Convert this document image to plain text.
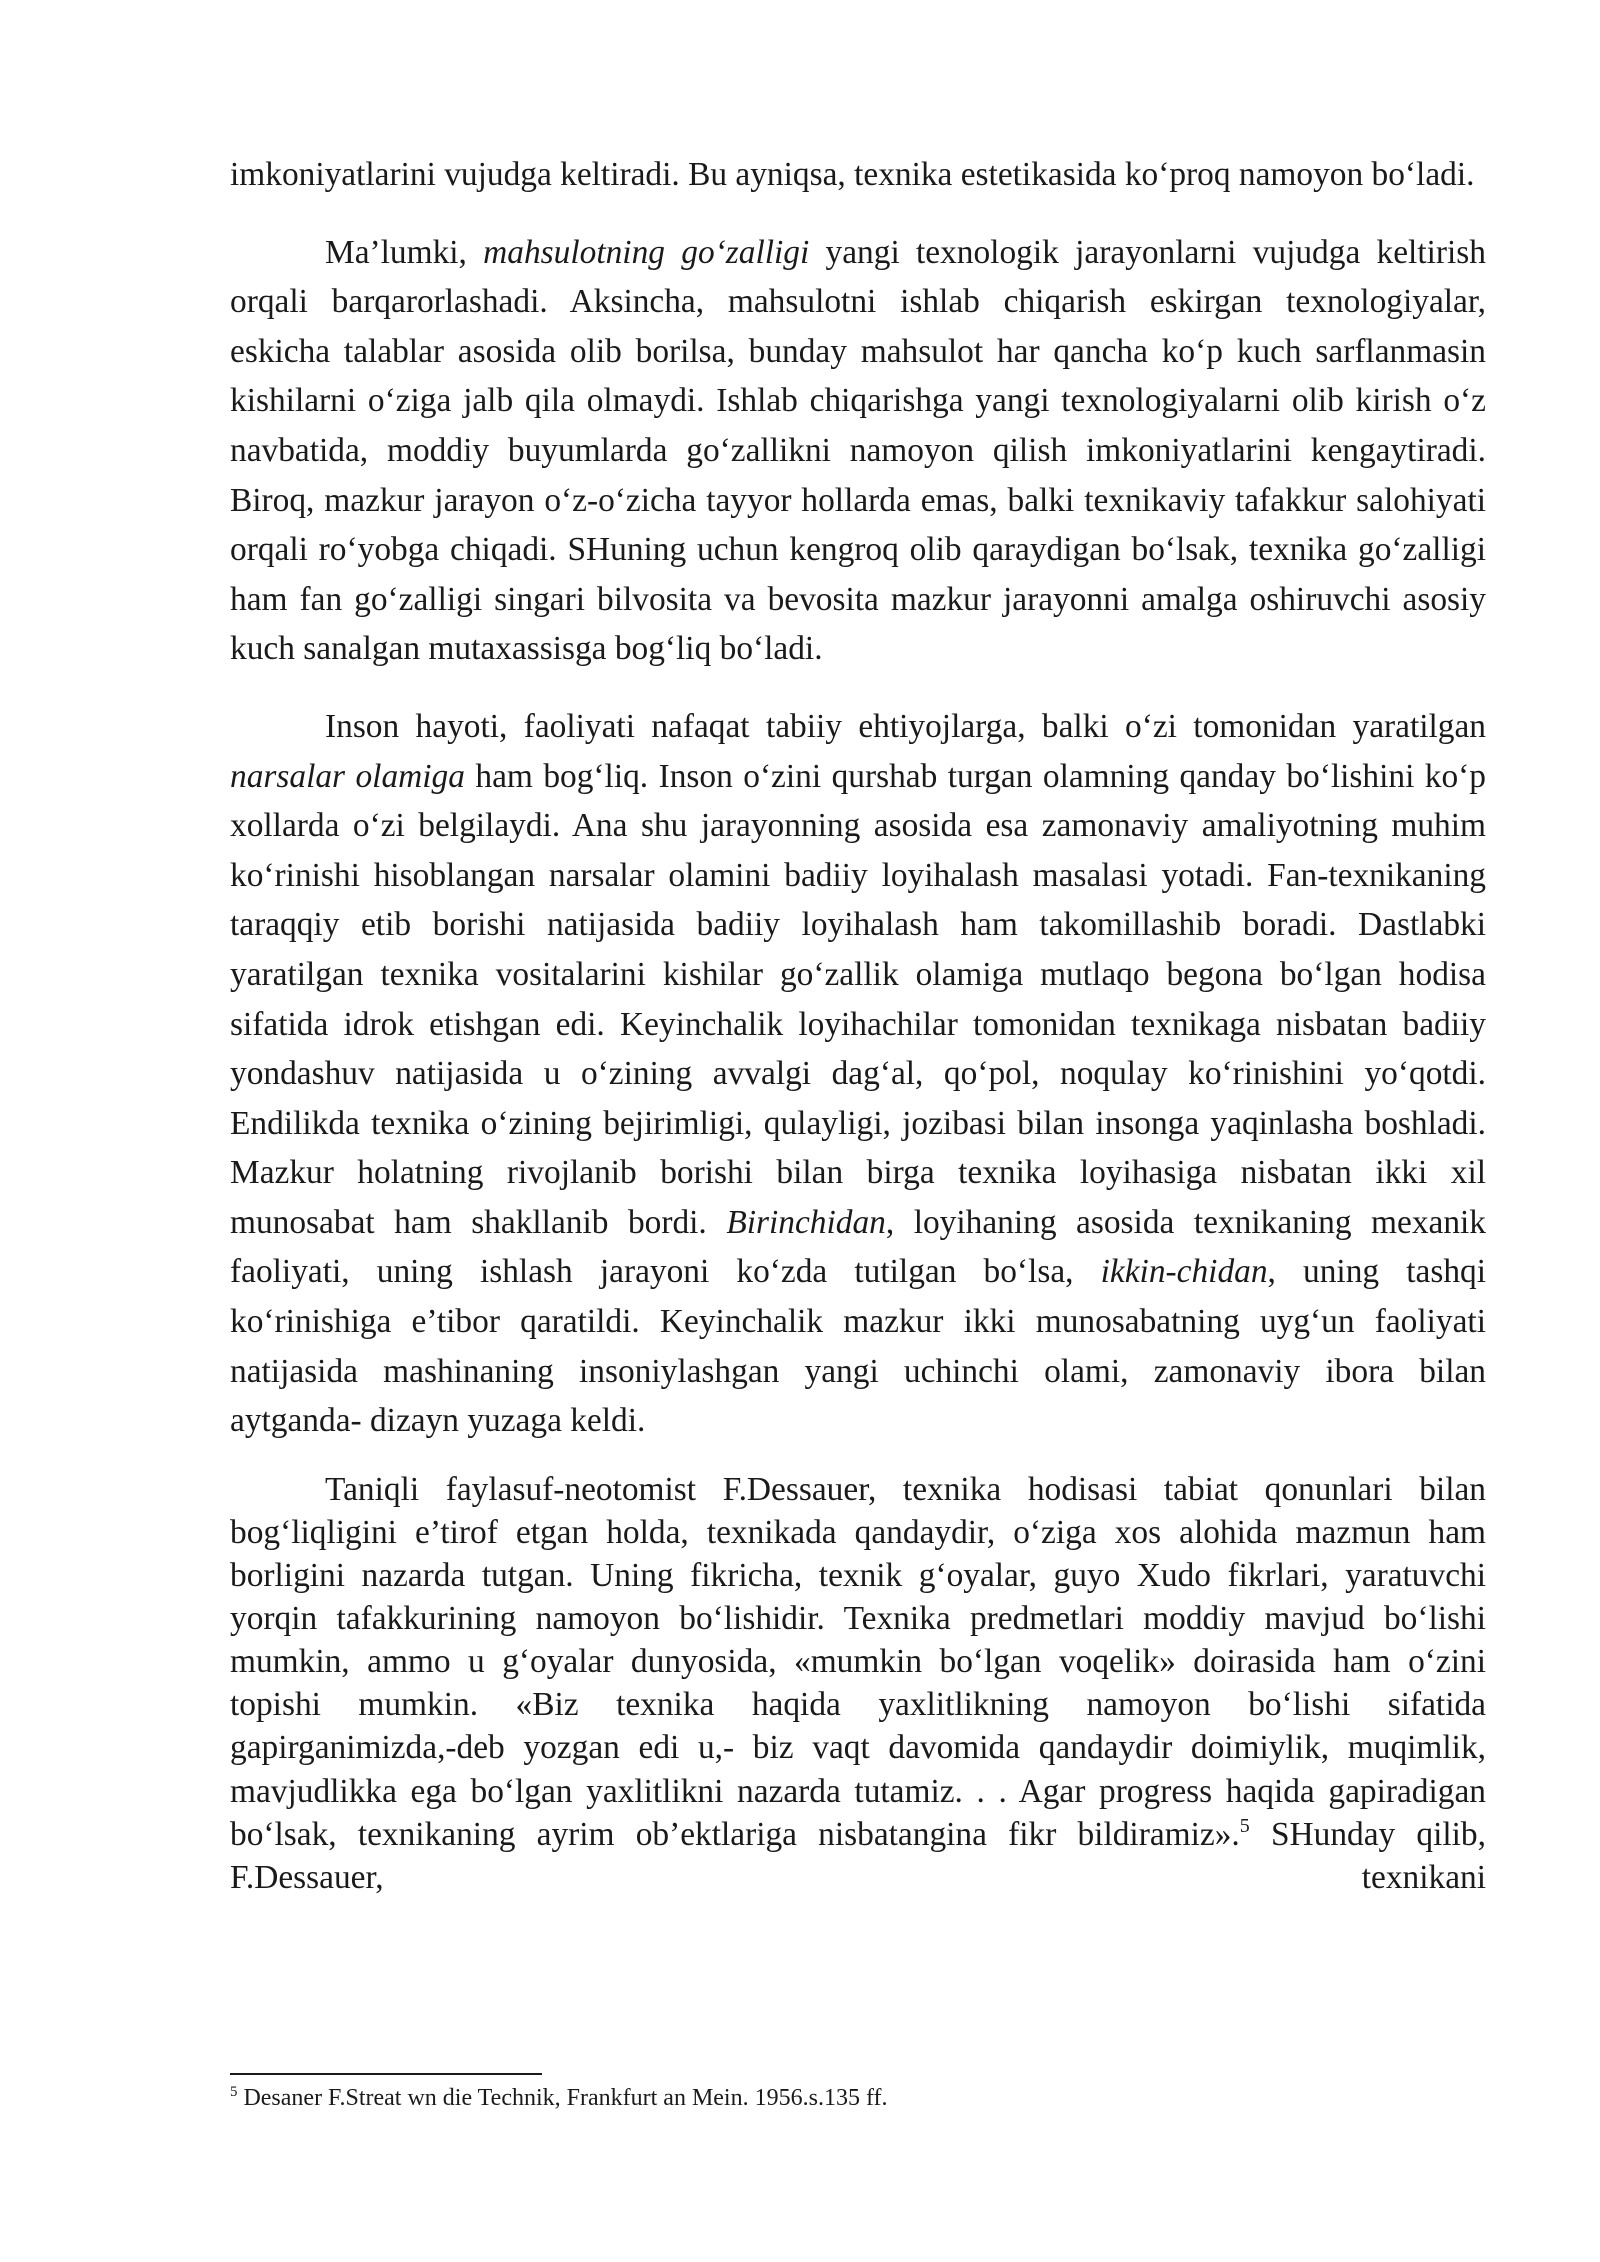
imkoniyatlarini vujudga keltiradi. Bu ayniqsa, texnika estetikasida ko‘proq namoyon bo‘ladi.

Ma’lumki, mahsulotning go‘zalligi yangi texnologik jarayonlarni vujudga keltirish orqali barqarorlashadi. Aksincha, mahsulotni ishlab chiqarish eskirgan texnologiyalar, eskicha talablar asosida olib borilsa, bunday mahsulot har qancha ko‘p kuch sarflanmasin kishilarni o‘ziga jalb qila olmaydi. Ishlab chiqarishga yangi texnologiyalarni olib kirish o‘z navbatida, moddiy buyumlarda go‘zallikni namoyon qilish imkoniyatlarini kengaytiradi. Biroq, mazkur jarayon o‘z-o‘zicha tayyor hollarda emas, balki texnikaviy tafakkur salohiyati orqali ro‘yobga chiqadi. SHuning uchun kengroq olib qaraydigan bo‘lsak, texnika go‘zalligi ham fan go‘zalligi singari bilvosita va bevosita mazkur jarayonni amalga oshiruvchi asosiy kuch sanalgan mutaxassisga bog‘liq bo‘ladi.

Inson hayoti, faoliyati nafaqat tabiiy ehtiyojlarga, balki o‘zi tomonidan yaratilgan narsalar olamiga ham bog‘liq. Inson o‘zini qurshab turgan olamning qanday bo‘lishini ko‘p xollarda o‘zi belgilaydi. Ana shu jarayonning asosida esa zamonaviy amaliyotning muhim ko‘rinishi hisoblangan narsalar olamini badiiy loyihalash masalasi yotadi. Fan-texnikaning taraqqiy etib borishi natijasida badiiy loyihalash ham takomillashib boradi. Dastlabki yaratilgan texnika vositalarini kishilar go‘zallik olamiga mutlaqo begona bo‘lgan hodisa sifatida idrok etishgan edi. Keyinchalik loyihachilar tomonidan texnikaga nisbatan badiiy yondashuv natijasida u o‘zining avvalgi dag‘al, qo‘pol, noqulay ko‘rinishini yo‘qotdi. Endilikda texnika o‘zining bejirimligi, qulayligi, jozibasi bilan insonga yaqinlasha boshladi. Mazkur holatning rivojlanib borishi bilan birga texnika loyihasiga nisbatan ikki xil munosabat ham shakllanib bordi. Birinchidan, loyihaning asosida texnikaning mexanik faoliyati, uning ishlash jarayoni ko‘zda tutilgan bo‘lsa, ikkin-chidan, uning tashqi ko‘rinishiga e’tibor qaratildi. Keyinchalik mazkur ikki munosabatning uyg‘un faoliyati natijasida mashinaning insoniylashgan yangi uchinchi olami, zamonaviy ibora bilan aytganda- dizayn yuzaga keldi.

Taniqli faylasuf-neotomist F.Dessauer, texnika hodisasi tabiat qonunlari bilan bog‘liqligini e’tirof etgan holda, texnikada qandaydir, o‘ziga xos alohida mazmun ham borligini nazarda tutgan. Uning fikricha, texnik g‘oyalar, guyo Xudo fikrlari, yaratuvchi yorqin tafakkurining namoyon bo‘lishidir. Texnika predmetlari moddiy mavjud bo‘lishi mumkin, ammo u g‘oyalar dunyosida, «mumkin bo‘lgan voqelik» doirasida ham o‘zini topishi mumkin. «Biz texnika haqida yaxlitlikning namoyon bo‘lishi sifatida gapirganimizda,-deb yozgan edi u,- biz vaqt davomida qandaydir doimiylik, muqimlik, mavjudlikka ega bo‘lgan yaxlitlikni nazarda tutamiz. . . Agar progress haqida gapiradigan bo‘lsak, texnikaning ayrim ob’ektlariga nisbatangina fikr bildiramiz».$^5$ SHunday qilib, F.Dessauer, texnikani

$^5$ Desaner F.Streat wn die Technik, Frankfurt an Mein. 1956.s.135 ff.
